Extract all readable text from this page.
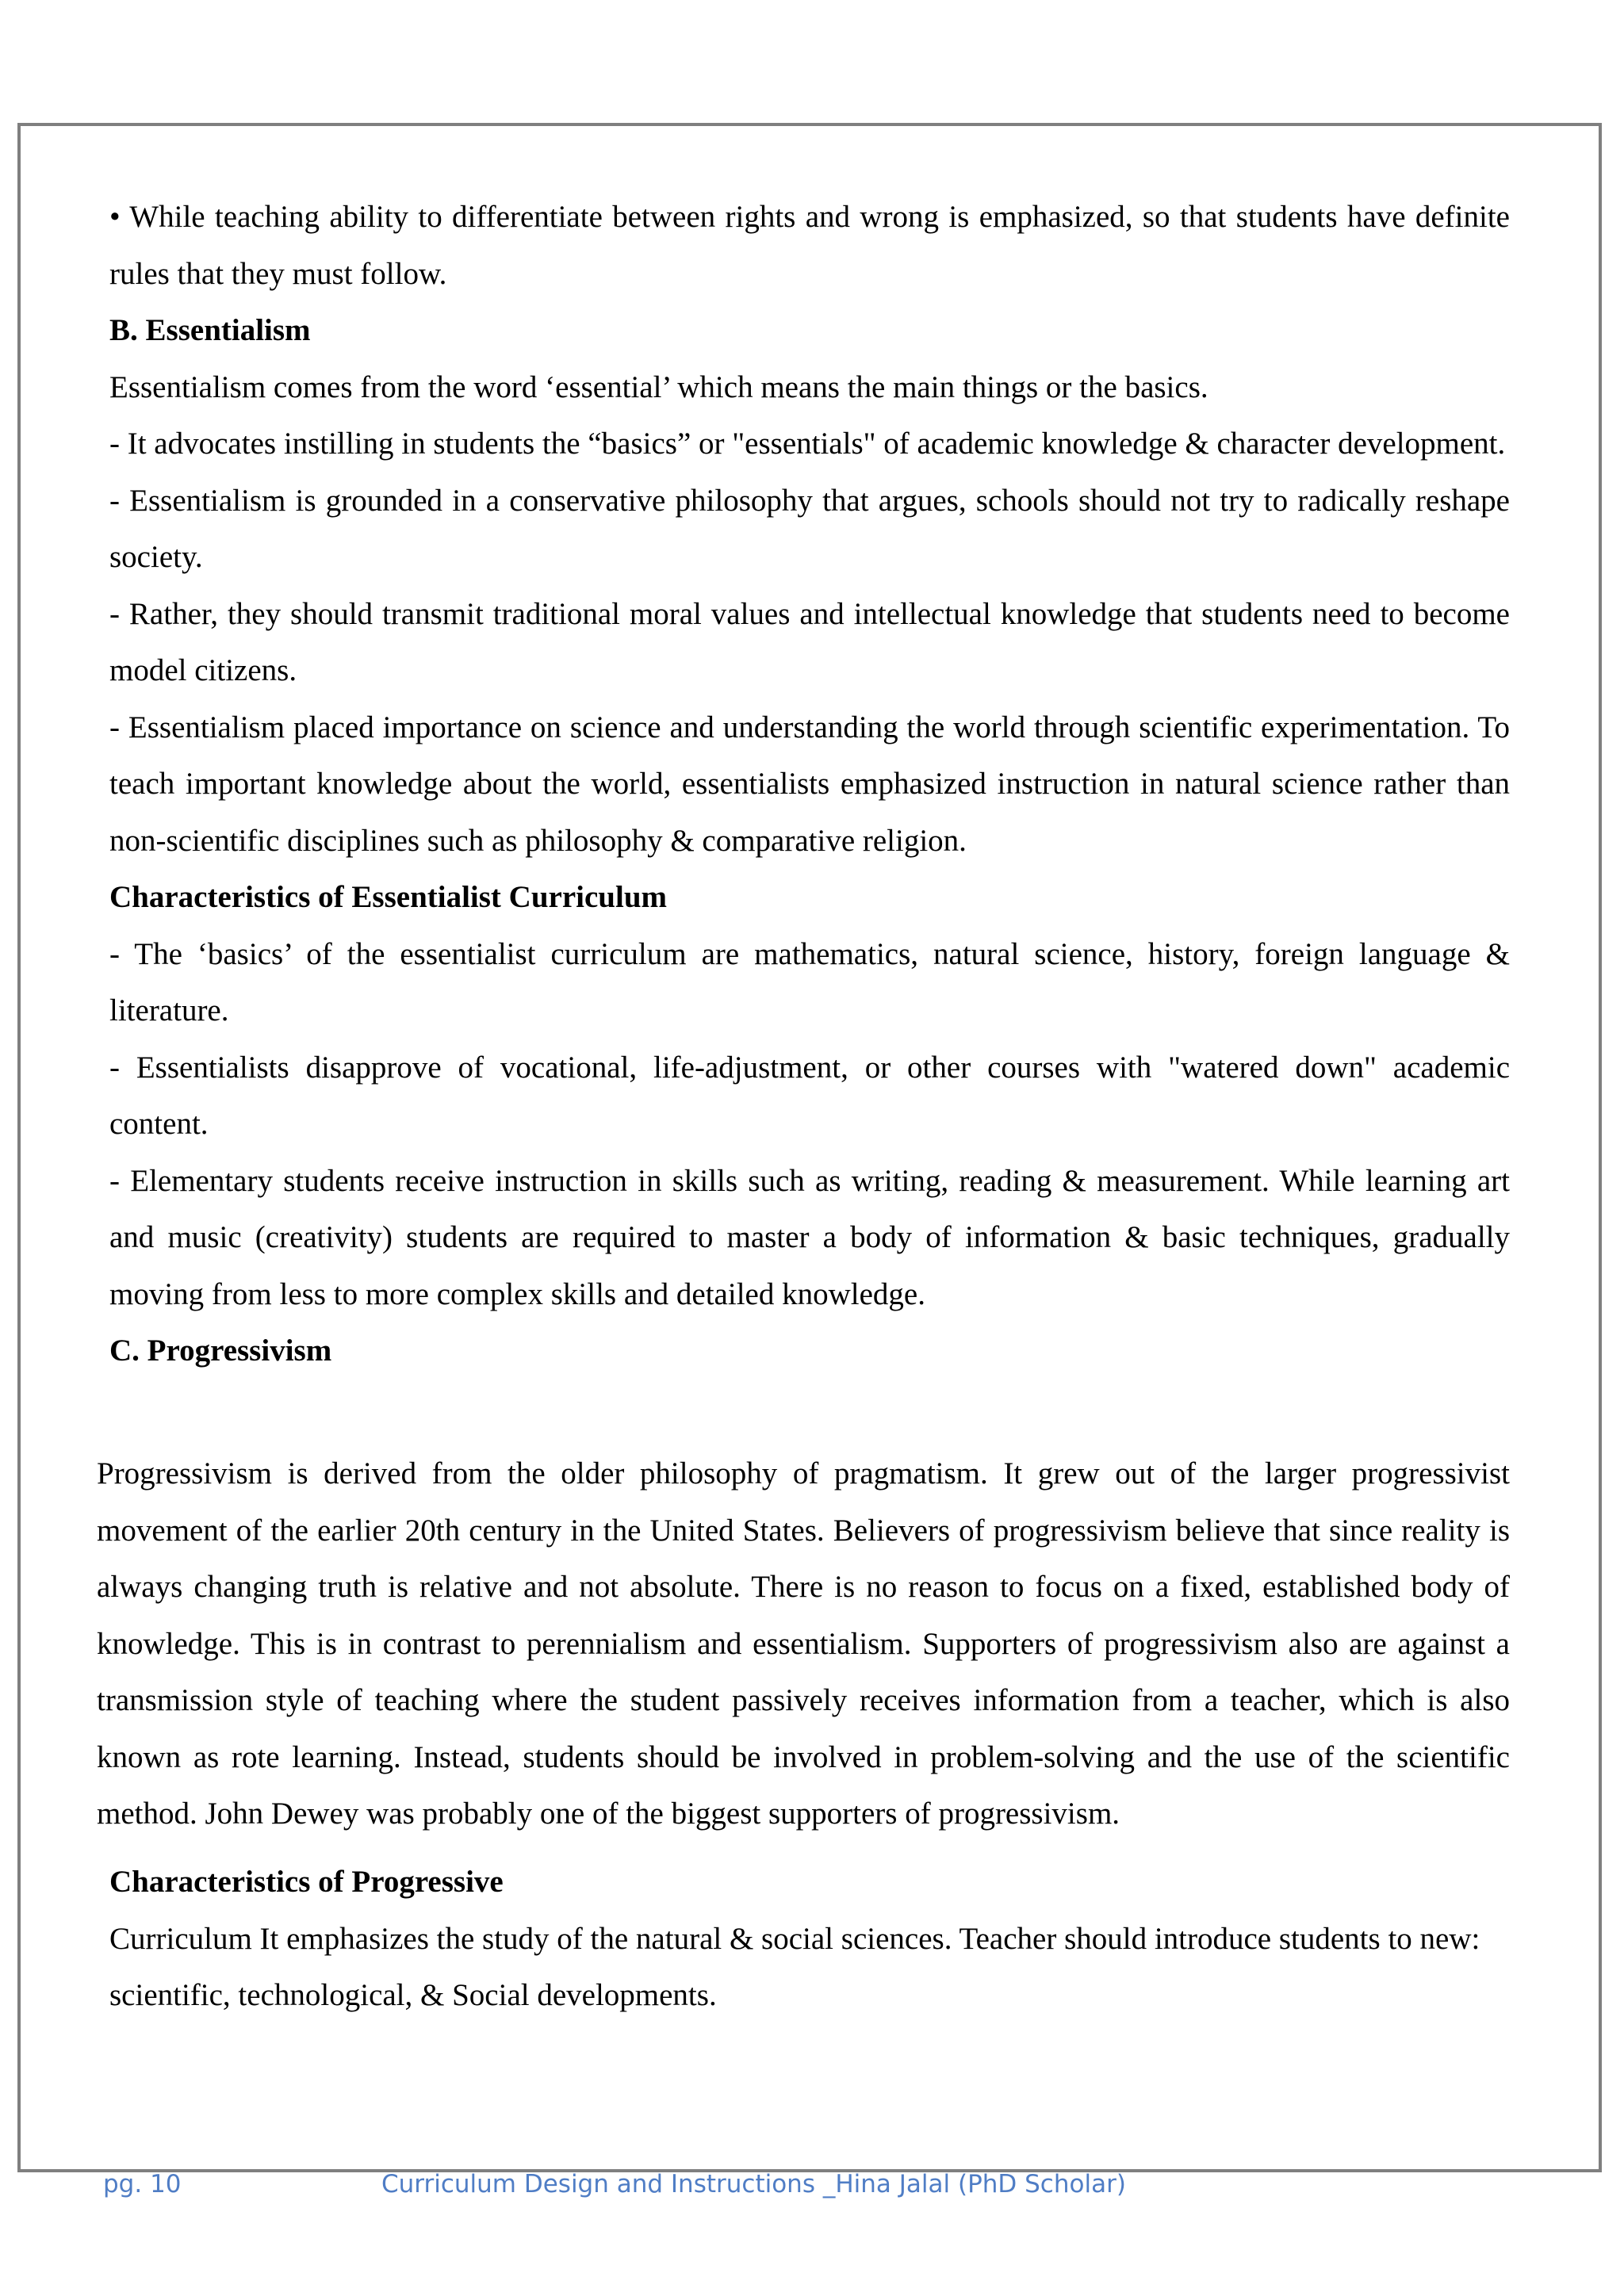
• While teaching ability to differentiate between rights and wrong is emphasized, so that students have definite rules that they must follow.

B. Essentialism

Essentialism comes from the word ‘essential’ which means the main things or the basics.

- It advocates instilling in students the “basics” or "essentials" of academic knowledge & character development.

- Essentialism is grounded in a conservative philosophy that argues, schools should not try to radically reshape society.

- Rather, they should transmit traditional moral values and intellectual knowledge that students need to become model citizens.

- Essentialism placed importance on science and understanding the world through scientific experimentation. To teach important knowledge about the world, essentialists emphasized instruction in natural science rather than non-scientific disciplines such as philosophy & comparative religion.

Characteristics of Essentialist Curriculum

- The ‘basics’ of the essentialist curriculum are mathematics, natural science, history, foreign language & literature.

- Essentialists disapprove of vocational, life-adjustment, or other courses with "watered down" academic content.

- Elementary students receive instruction in skills such as writing, reading & measurement. While learning art and music (creativity) students are required to master a body of information & basic techniques, gradually moving from less to more complex skills and detailed knowledge.

C. Progressivism

Progressivism is derived from the older philosophy of pragmatism. It grew out of the larger progressivist movement of the earlier 20th century in the United States. Believers of progressivism believe that since reality is always changing truth is relative and not absolute. There is no reason to focus on a fixed, established body of knowledge. This is in contrast to perennialism and essentialism. Supporters of progressivism also are against a transmission style of teaching where the student passively receives information from a teacher, which is also known as rote learning. Instead, students should be involved in problem-solving and the use of the scientific method. John Dewey was probably one of the biggest supporters of progressivism.

Characteristics of Progressive

Curriculum It emphasizes the study of the natural & social sciences. Teacher should introduce students to new: scientific, technological, & Social developments.

pg. 10	Curriculum Design and Instructions _Hina Jalal (PhD Scholar)
